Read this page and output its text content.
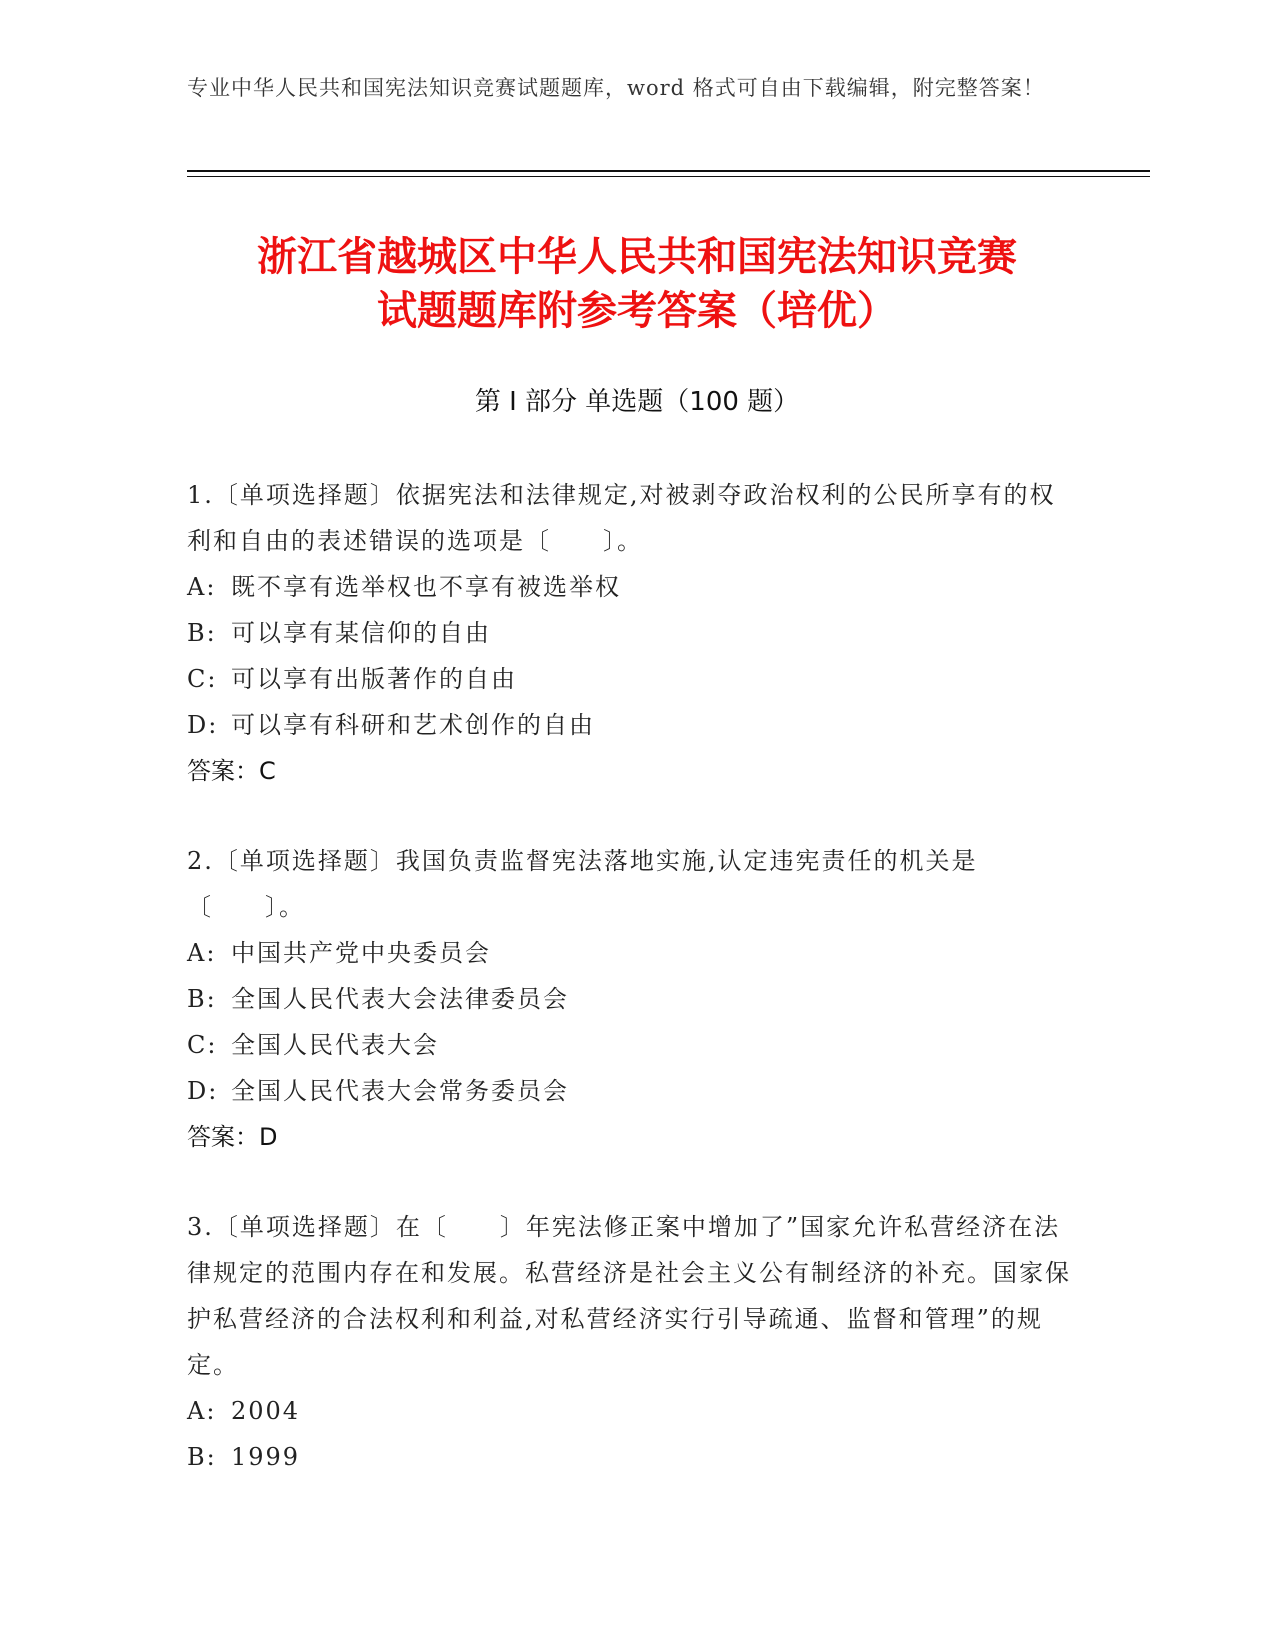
专业中华人民共和国宪法知识竞赛试题题库，word 格式可自由下载编辑，附完整答案！
浙江省越城区中华人民共和国宪法知识竞赛
试题题库附参考答案（培优）
第 I 部分 单选题（100 题）

1.〔单项选择题〕依据宪法和法律规定,对被剥夺政治权利的公民所享有的权利和自由的表述错误的选项是〔　　〕。

A: 既不享有选举权也不享有被选举权

B: 可以享有某信仰的自由

C: 可以享有出版著作的自由

D: 可以享有科研和艺术创作的自由

答案：C

2.〔单项选择题〕我国负责监督宪法落地实施,认定违宪责任的机关是〔　　〕。

A: 中国共产党中央委员会

B: 全国人民代表大会法律委员会

C: 全国人民代表大会

D: 全国人民代表大会常务委员会

答案：D

3.〔单项选择题〕在〔　　〕年宪法修正案中增加了”国家允许私营经济在法律规定的范围内存在和发展。私营经济是社会主义公有制经济的补充。国家保护私营经济的合法权利和利益,对私营经济实行引导疏通、监督和管理”的规定。

A: 2004

B: 1999
